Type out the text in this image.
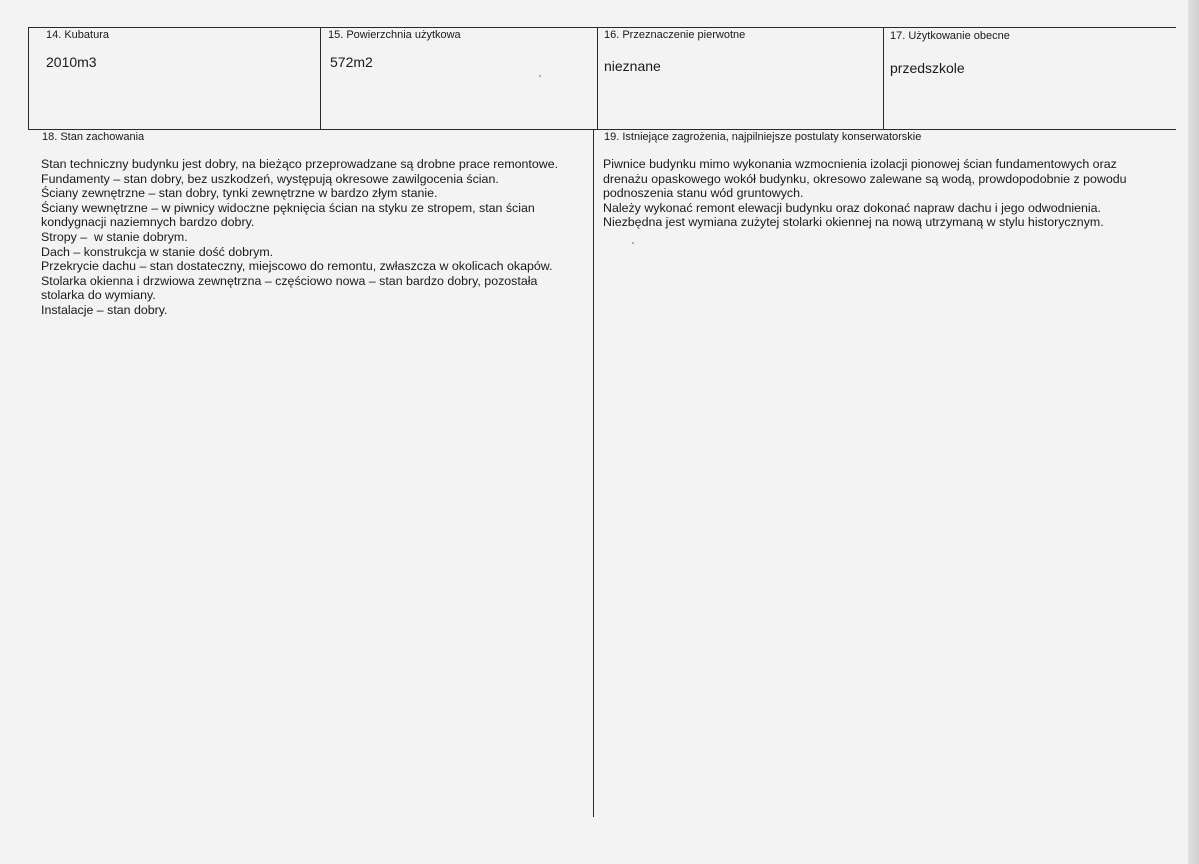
14. Kubatura
2010m3
15. Powierzchnia użytkowa
572m2
16. Przeznaczenie pierwotne
nieznane
17. Użytkowanie obecne
przedszkole
18. Stan zachowania
Stan techniczny budynku jest dobry, na bieżąco przeprowadzane są drobne prace remontowe.
Fundamenty – stan dobry, bez uszkodzeń, występują okresowe zawilgocenia ścian.
Ściany zewnętrzne – stan dobry, tynki zewnętrzne w bardzo złym stanie.
Ściany wewnętrzne – w piwnicy widoczne pęknięcia ścian na styku ze stropem, stan ścian
kondygnacji naziemnych bardzo dobry.
Stropy –  w stanie dobrym.
Dach – konstrukcja w stanie dość dobrym.
Przekrycie dachu – stan dostateczny, miejscowo do remontu, zwłaszcza w okolicach okapów.
Stolarka okienna i drzwiowa zewnętrzna – częściowo nowa – stan bardzo dobry, pozostała
stolarka do wymiany.
Instalacje – stan dobry.
19. Istniejące zagrożenia, najpilniejsze postulaty konserwatorskie
Piwnice budynku mimo wykonania wzmocnienia izolacji pionowej ścian fundamentowych oraz
drenażu opaskowego wokół budynku, okresowo zalewane są wodą, prowdopodobnie z powodu
podnoszenia stanu wód gruntowych.
Należy wykonać remont elewacji budynku oraz dokonać napraw dachu i jego odwodnienia.
Niezbędna jest wymiana zużytej stolarki okiennej na nową utrzymaną w stylu historycznym.
